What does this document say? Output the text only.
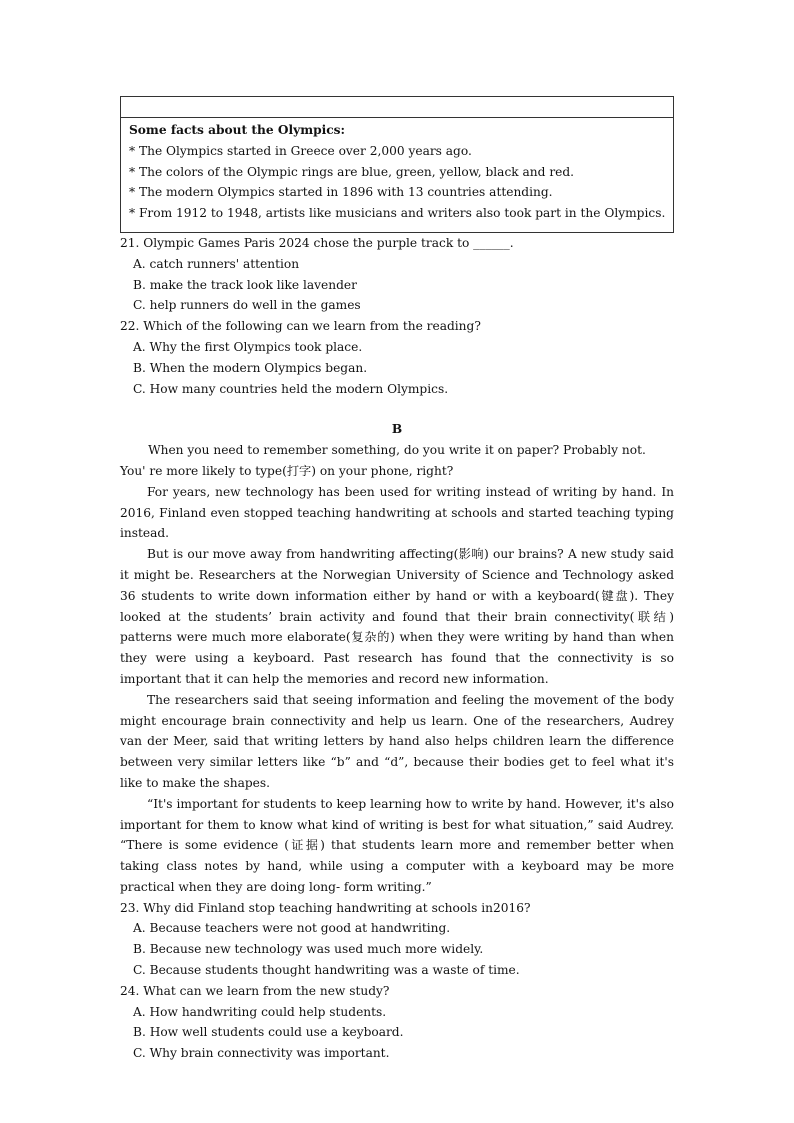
Some facts about the Olympics:
* The Olympics started in Greece over 2,000 years ago.
* The colors of the Olympic rings are blue, green, yellow, black and red.
* The modern Olympics started in 1896 with 13 countries attending.
* From 1912 to 1948, artists like musicians and writers also took part in the Olympics.
21. Olympic Games Paris 2024 chose the purple track to ______.
A. catch runners' attention
B. make the track look like lavender
C. help runners do well in the games
22. Which of the following can we learn from the reading?
A. Why the first Olympics took place.
B. When the modern Olympics began.
C. How many countries held the modern Olympics.
B
When you need to remember something, do you write it on paper? Probably not.
You' re more likely to type(打字) on your phone, right?
For years, new technology has been used for writing instead of writing by hand. In 2016, Finland even stopped teaching handwriting at schools and started teaching typing instead.
But is our move away from handwriting affecting(影响) our brains? A new study said it might be. Researchers at the Norwegian University of Science and Technology asked 36 students to write down information either by hand or with a keyboard(键盘). They looked at the students’ brain activity and found that their brain connectivity(联结) patterns were much more elaborate(复杂的) when they were writing by hand than when they were using a keyboard. Past research has found that the connectivity is so important that it can help the memories and record new information.
The researchers said that seeing information and feeling the movement of the body might encourage brain connectivity and help us learn. One of the researchers, Audrey van der Meer, said that writing letters by hand also helps children learn the difference between very similar letters like “b” and “d”, because their bodies get to feel what it's like to make the shapes.
“It's important for students to keep learning how to write by hand. However, it's also important for them to know what kind of writing is best for what situation,” said Audrey. “There is some evidence (证据) that students learn more and remember better when taking class notes by hand, while using a computer with a keyboard may be more practical when they are doing long- form writing.”
23. Why did Finland stop teaching handwriting at schools in2016?
A. Because teachers were not good at handwriting.
B. Because new technology was used much more widely.
C. Because students thought handwriting was a waste of time.
24. What can we learn from the new study?
A. How handwriting could help students.
B. How well students could use a keyboard.
C. Why brain connectivity was important.
